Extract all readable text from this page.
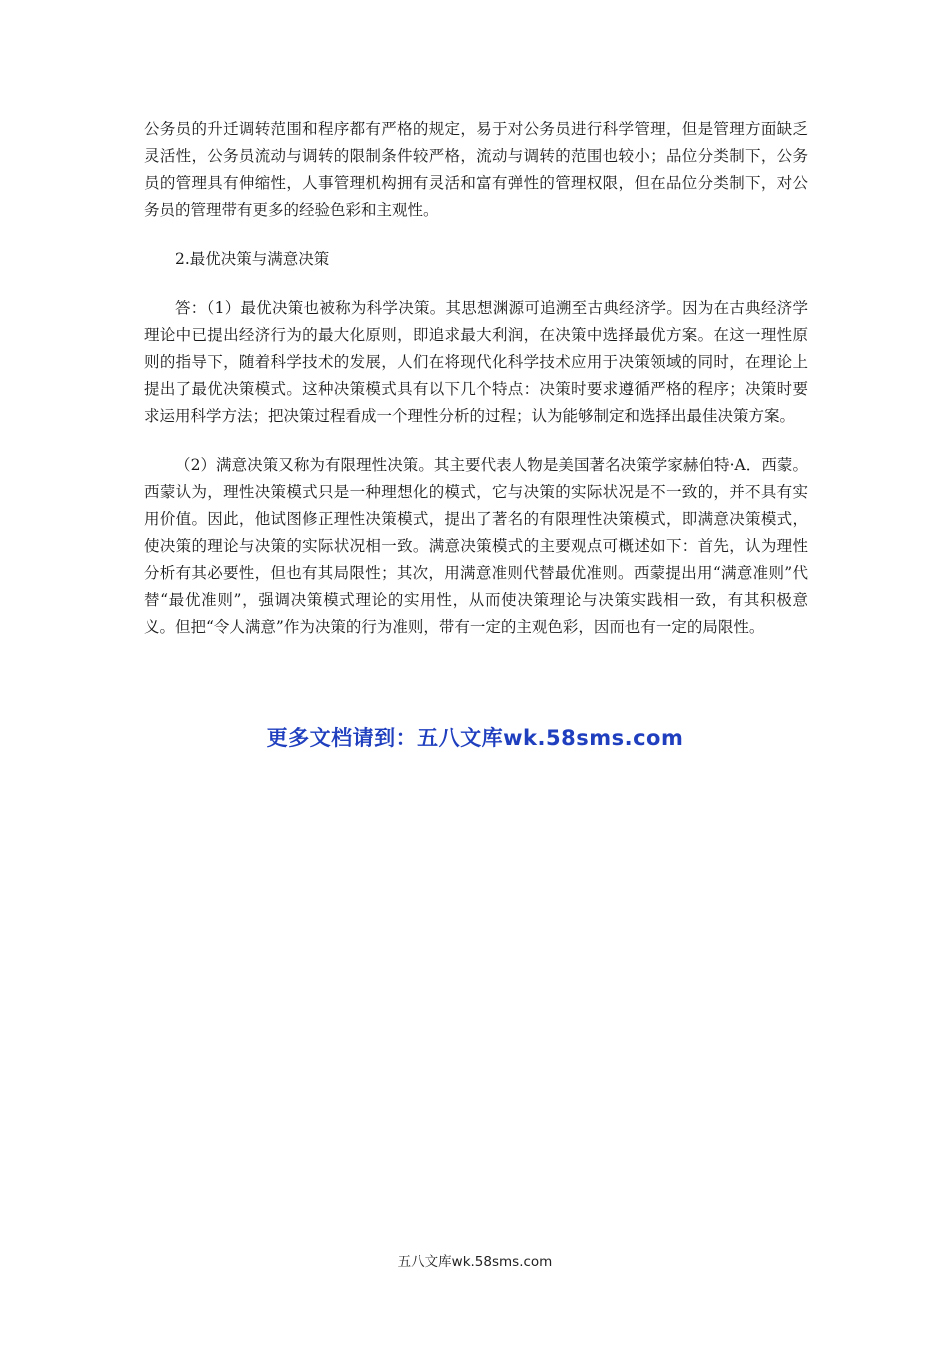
公务员的升迁调转范围和程序都有严格的规定，易于对公务员进行科学管理，但是管理方面缺乏灵活性，公务员流动与调转的限制条件较严格，流动与调转的范围也较小；品位分类制下，公务员的管理具有伸缩性，人事管理机构拥有灵活和富有弹性的管理权限，但在品位分类制下，对公务员的管理带有更多的经验色彩和主观性。

2.最优决策与满意决策

答：（1）最优决策也被称为科学决策。其思想渊源可追溯至古典经济学。因为在古典经济学理论中已提出经济行为的最大化原则，即追求最大利润，在决策中选择最优方案。在这一理性原则的指导下，随着科学技术的发展，人们在将现代化科学技术应用于决策领域的同时，在理论上提出了最优决策模式。这种决策模式具有以下几个特点：决策时要求遵循严格的程序；决策时要求运用科学方法；把决策过程看成一个理性分析的过程；认为能够制定和选择出最佳决策方案。

（2）满意决策又称为有限理性决策。其主要代表人物是美国著名决策学家赫伯特·A．西蒙。西蒙认为，理性决策模式只是一种理想化的模式，它与决策的实际状况是不一致的，并不具有实用价值。因此，他试图修正理性决策模式，提出了著名的有限理性决策模式，即满意决策模式，使决策的理论与决策的实际状况相一致。满意决策模式的主要观点可概述如下：首先，认为理性分析有其必要性，但也有其局限性；其次，用满意准则代替最优准则。西蒙提出用“满意准则”代替“最优准则”，强调决策模式理论的实用性，从而使决策理论与决策实践相一致，有其积极意义。但把“令人满意”作为决策的行为准则，带有一定的主观色彩，因而也有一定的局限性。

更多文档请到：五八文库wk.58sms.com
五八文库wk.58sms.com
